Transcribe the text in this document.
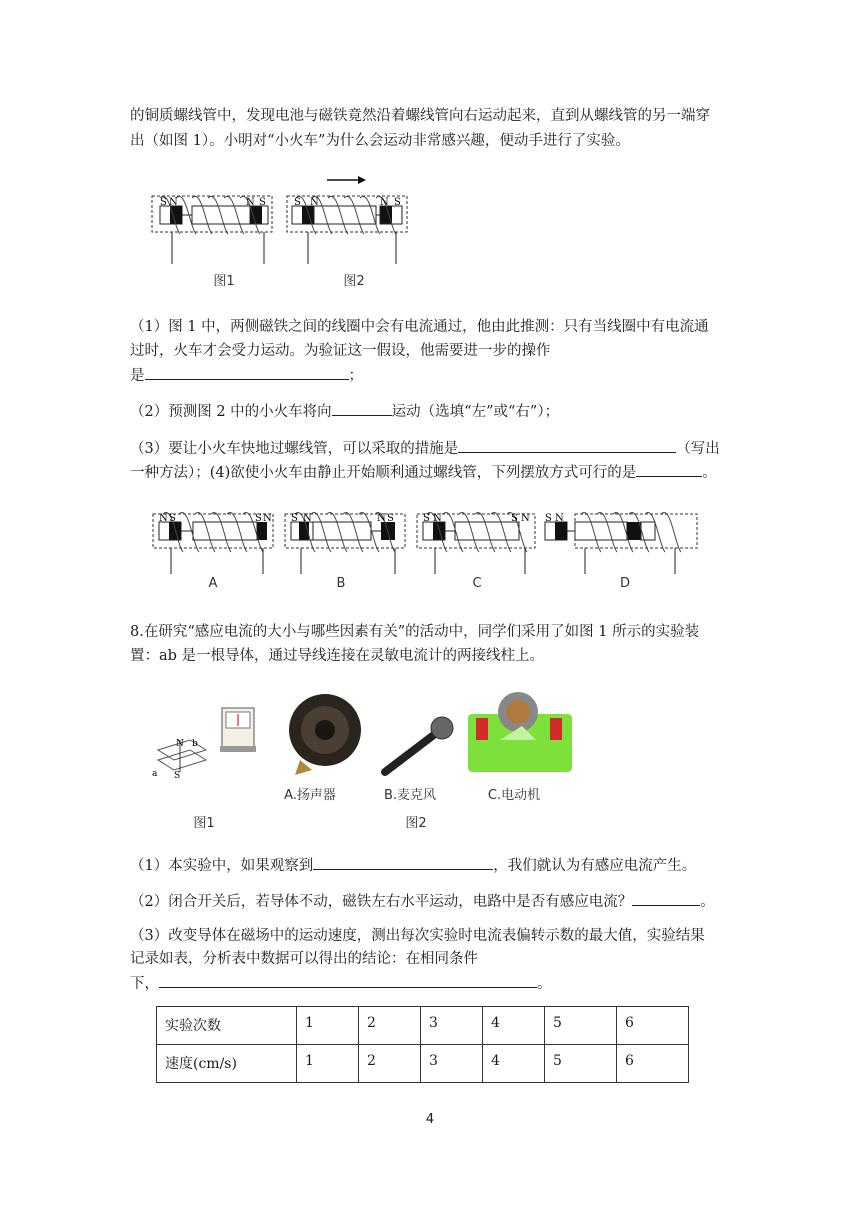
的铜质螺线管中，发现电池与磁铁竟然沿着螺线管向右运动起来，直到从螺线管的另一端穿
出（如图 1）。小明对“小火车”为什么会运动非常感兴趣，便动手进行了实验。
S N	N S	S N	N S
图1	图2
（1）图 1 中，两侧磁铁之间的线圈中会有电流通过，他由此推测：只有当线圈中有电流通
过时，火车才会受力运动。为验证这一假设，他需要进一步的操作
是	；
（2）预测图 2 中的小火车将向	运动（选填“左”或“右”）；
（3）要让小火车快地过螺线管，可以采取的措施是	（写出
一种方法）；(4)欲使小火车由静止开始顺利通过螺线管，下列摆放方式可行的是	。
N S	S N S N	N S	S N	S N S N
A	B	C	D
8.在研究“感应电流的大小与哪些因素有关”的活动中，同学们采用了如图 1 所示的实验装
置：ab 是一根导体，通过导线连接在灵敏电流计的两接线柱上。
N b
a S
A.扬声器	B.麦克风	C.电动机
图1	图2
（1）本实验中，如果观察到	，我们就认为有感应电流产生。
（2）闭合开关后，若导体不动，磁铁左右水平运动，电路中是否有感应电流？	。
（3）改变导体在磁场中的运动速度，测出每次实验时电流表偏转示数的最大值，实验结果
记录如表，分析表中数据可以得出的结论：在相同条件
下，	。
实验次数	1	2	3	4	5	6
速度(cm/s)	1	2	3	4	5	6
4
